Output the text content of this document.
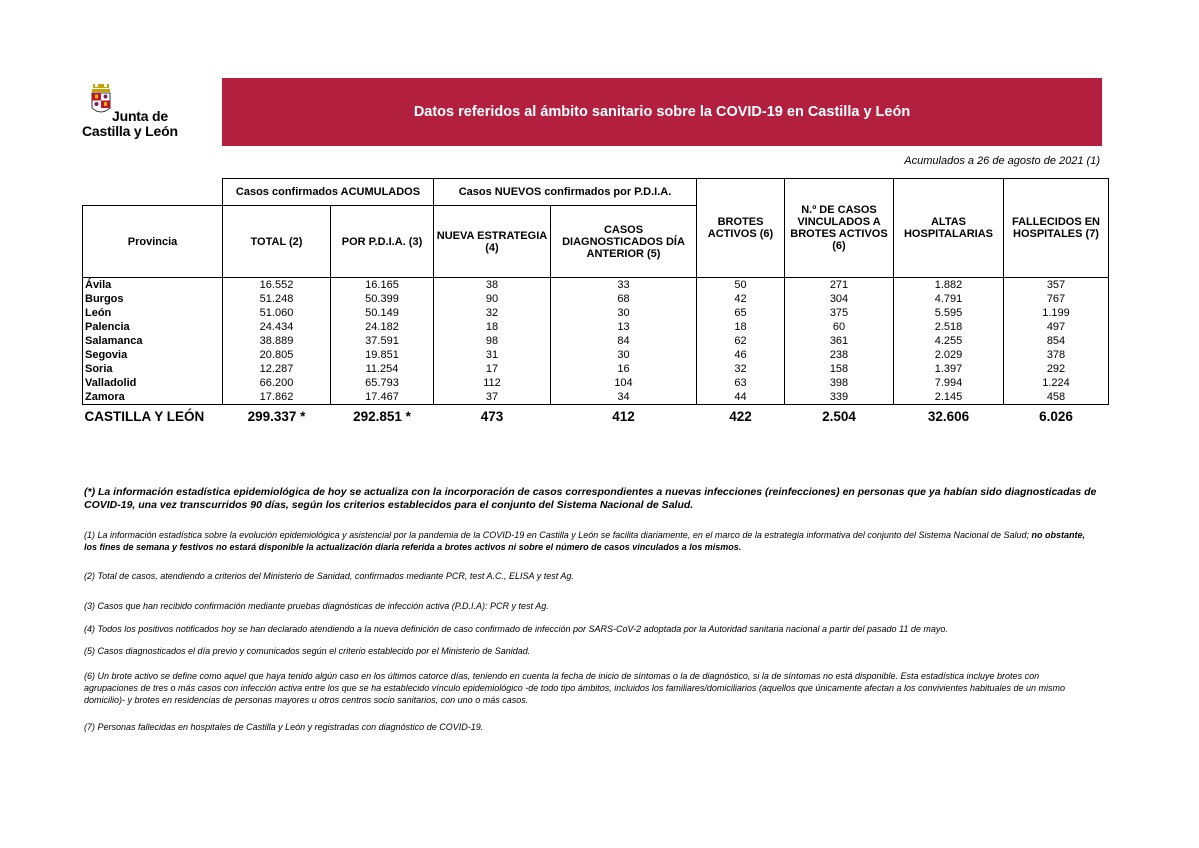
Junta de
Castilla y León
Datos referidos al ámbito sanitario sobre la COVID-19 en Castilla y León
Acumulados a 26 de agosto de 2021 (1)
	Casos confirmados ACUMULADOS		Casos NUEVOS confirmados por P.D.I.A.		BROTES ACTIVOS (6)	N.º DE CASOS VINCULADOS A BROTES ACTIVOS (6)	ALTAS HOSPITALARIAS	FALLECIDOS EN HOSPITALES (7)
Provincia	TOTAL (2)	POR P.D.I.A. (3)	NUEVA ESTRATEGIA (4)	CASOS DIAGNOSTICADOS DÍA ANTERIOR (5)				
Ávila	16.552	16.165	38	33	50	271	1.882	357
Burgos	51.248	50.399	90	68	42	304	4.791	767
León	51.060	50.149	32	30	65	375	5.595	1.199
Palencia	24.434	24.182	18	13	18	60	2.518	497
Salamanca	38.889	37.591	98	84	62	361	4.255	854
Segovia	20.805	19.851	31	30	46	238	2.029	378
Soria	12.287	11.254	17	16	32	158	1.397	292
Valladolid	66.200	65.793	112	104	63	398	7.994	1.224
Zamora	17.862	17.467	37	34	44	339	2.145	458
CASTILLA Y LEÓN	299.337 *	292.851 *	473	412	422	2.504	32.606	6.026

(*) La información estadística epidemiológica de hoy se actualiza con la incorporación de casos correspondientes a nuevas infecciones (reinfecciones) en personas que ya habían sido diagnosticadas de COVID-19, una vez transcurridos 90 días, según los criterios establecidos para el conjunto del Sistema Nacional de Salud.

(1) La información estadística sobre la evolución epidemiológica y asistencial por la pandemia de la COVID-19 en Castilla y León se facilita diariamente, en el marco de la estrategia informativa del conjunto del Sistema Nacional de Salud; no obstante, los fines de semana y festivos no estará disponible la actualización diaria referida a brotes activos ni sobre el número de casos vinculados a los mismos.

(2) Total de casos, atendiendo a criterios del Ministerio de Sanidad, confirmados mediante PCR, test A.C., ELISA y test Ag.

(3) Casos que han recibido confirmación mediante pruebas diagnósticas de infección activa (P.D.I.A): PCR y test Ag.

(4) Todos los positivos notificados hoy se han declarado atendiendo a la nueva definición de caso confirmado de infección por SARS-CoV-2 adoptada por la Autoridad sanitaria nacional a partir del pasado 11 de mayo.

(5) Casos diagnosticados el día previo y comunicados según el criterio establecido por el Ministerio de Sanidad.

(6) Un brote activo se define como aquel que haya tenido algún caso en los últimos catorce días, teniendo en cuenta la fecha de inicio de síntomas o la de diagnóstico, si la de síntomas no está disponible. Esta estadística incluye brotes con agrupaciones de tres o más casos con infección activa entre los que se ha establecido vínculo epidemiológico -de todo tipo ámbitos, incluidos los familiares/domiciliarios (aquellos que únicamente afectan a los convivientes habituales de un mismo domicilio)- y brotes en residencias de personas mayores u otros centros socio sanitarios, con uno o más casos.

(7) Personas fallecidas en hospitales de Castilla y León y registradas con diagnóstico de COVID-19.
